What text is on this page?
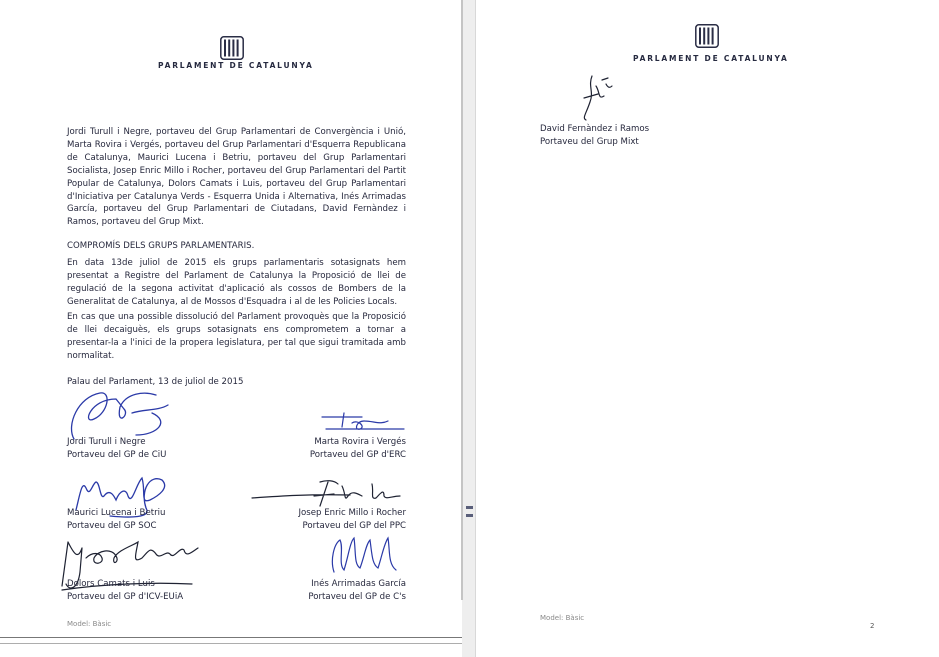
PARLAMENT DE CATALUNYA
Jordi Turull i Negre, portaveu del Grup Parlamentari de Convergència i Unió, Marta Rovira i Vergés, portaveu del Grup Parlamentari d'Esquerra Republicana de Catalunya, Maurici Lucena i Betriu, portaveu del Grup Parlamentari Socialista, Josep Enric Millo i Rocher, portaveu del Grup Parlamentari del Partit Popular de Catalunya, Dolors Camats i Luis, portaveu del Grup Parlamentari d'Iniciativa per Catalunya Verds - Esquerra Unida i Alternativa, Inés Arrimadas García, portaveu del Grup Parlamentari de Ciutadans, David Fernàndez i Ramos, portaveu del Grup Mixt.
COMPROMÍS DELS GRUPS PARLAMENTARIS.
En data 13de juliol de 2015 els grups parlamentaris sotasignats hem presentat a Registre del Parlament de Catalunya la Proposició de llei de regulació de la segona activitat d'aplicació als cossos de Bombers de la Generalitat de Catalunya, al de Mossos d'Esquadra i al de les Policies Locals.
En cas que una possible dissolució del Parlament provoquès que la Proposició de llei decaiguès, els grups sotasignats ens comprometem a tornar a presentar-la a l'inici de la propera legislatura, per tal que sigui tramitada amb normalitat.
Palau del Parlament, 13 de juliol de 2015
Jordi Turull i Negre
Portaveu del GP de CiU
Marta Rovira i Vergés
Portaveu del GP d'ERC
Maurici Lucena i Betriu
Portaveu del GP SOC
Josep Enric Millo i Rocher
Portaveu del GP del PPC
Dolors Camats i Luis
Portaveu del GP d'ICV-EUiA
Inés Arrimadas García
Portaveu del GP de C's
Model: Bàsic
PARLAMENT DE CATALUNYA
David Fernàndez i Ramos
Portaveu del Grup Mixt
Model: Bàsic
2
